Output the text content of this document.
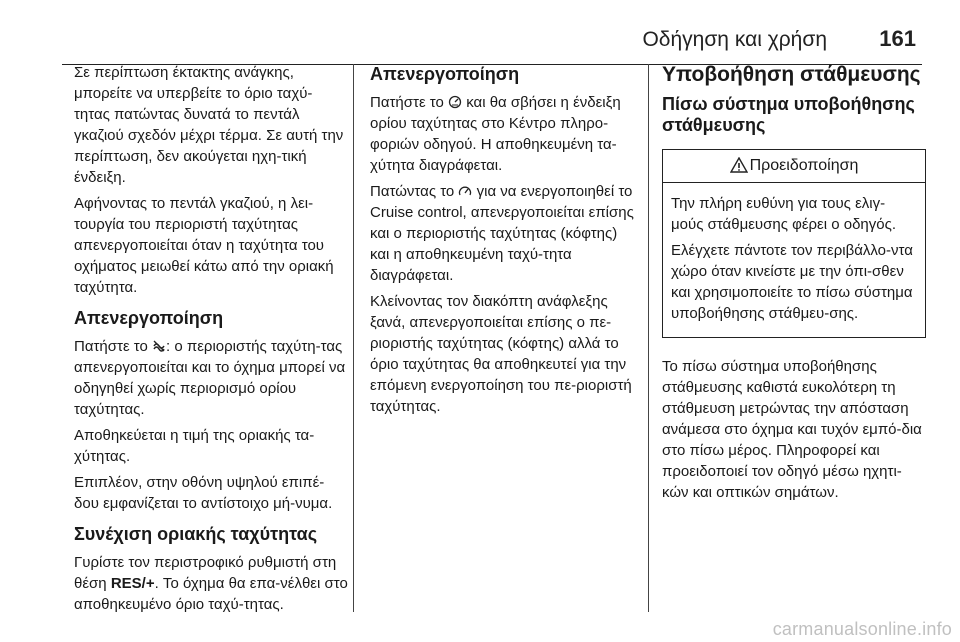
Οδήγηση και χρήση 161

Σε περίπτωση έκτακτης ανάγκης, μπορείτε να υπερβείτε το όριο ταχύ-τητας πατώντας δυνατά το πεντάλ γκαζιού σχεδόν μέχρι τέρμα. Σε αυτή την περίπτωση, δεν ακούγεται ηχη-τική ένδειξη.

Αφήνοντας το πεντάλ γκαζιού, η λει-τουργία του περιοριστή ταχύτητας απενεργοποιείται όταν η ταχύτητα του οχήματος μειωθεί κάτω από την οριακή ταχύτητα.

Απενεργοποίηση

Πατήστε το : ο περιοριστής ταχύτη-τας απενεργοποιείται και το όχημα μπορεί να οδηγηθεί χωρίς περιορισμό ορίου ταχύτητας.

Αποθηκεύεται η τιμή της οριακής τα-χύτητας.

Επιπλέον, στην οθόνη υψηλού επιπέ-δου εμφανίζεται το αντίστοιχο μή-νυμα.

Συνέχιση οριακής ταχύτητας

Γυρίστε τον περιστροφικό ρυθμιστή στη θέση RES/+. Το όχημα θα επα-νέλθει στο αποθηκευμένο όριο ταχύ-τητας.

Απενεργοποίηση

Πατήστε το και θα σβήσει η ένδειξη ορίου ταχύτητας στο Κέντρο πληρο-φοριών οδηγού. Η αποθηκευμένη τα-χύτητα διαγράφεται.

Πατώντας το για να ενεργοποιηθεί το Cruise control, απενεργοποιείται επίσης και ο περιοριστής ταχύτητας (κόφτης) και η αποθηκευμένη ταχύ-τητα διαγράφεται.

Κλείνοντας τον διακόπτη ανάφλεξης ξανά, απενεργοποιείται επίσης ο πε-ριοριστής ταχύτητας (κόφτης) αλλά το όριο ταχύτητας θα αποθηκευτεί για την επόμενη ενεργοποίηση του πε-ριοριστή ταχύτητας.

Υποβοήθηση στάθμευσης
Πίσω σύστημα υποβοήθησης στάθμευσης
Προειδοποίηση

Την πλήρη ευθύνη για τους ελιγ-μούς στάθμευσης φέρει ο οδηγός.

Ελέγχετε πάντοτε τον περιβάλλο-ντα χώρο όταν κινείστε με την όπι-σθεν και χρησιμοποιείτε το πίσω σύστημα υποβοήθησης στάθμευ-σης.

Το πίσω σύστημα υποβοήθησης στάθμευσης καθιστά ευκολότερη τη στάθμευση μετρώντας την απόσταση ανάμεσα στο όχημα και τυχόν εμπό-δια στο πίσω μέρος. Πληροφορεί και προειδοποιεί τον οδηγό μέσω ηχητι-κών και οπτικών σημάτων.

carmanualsonline.info
